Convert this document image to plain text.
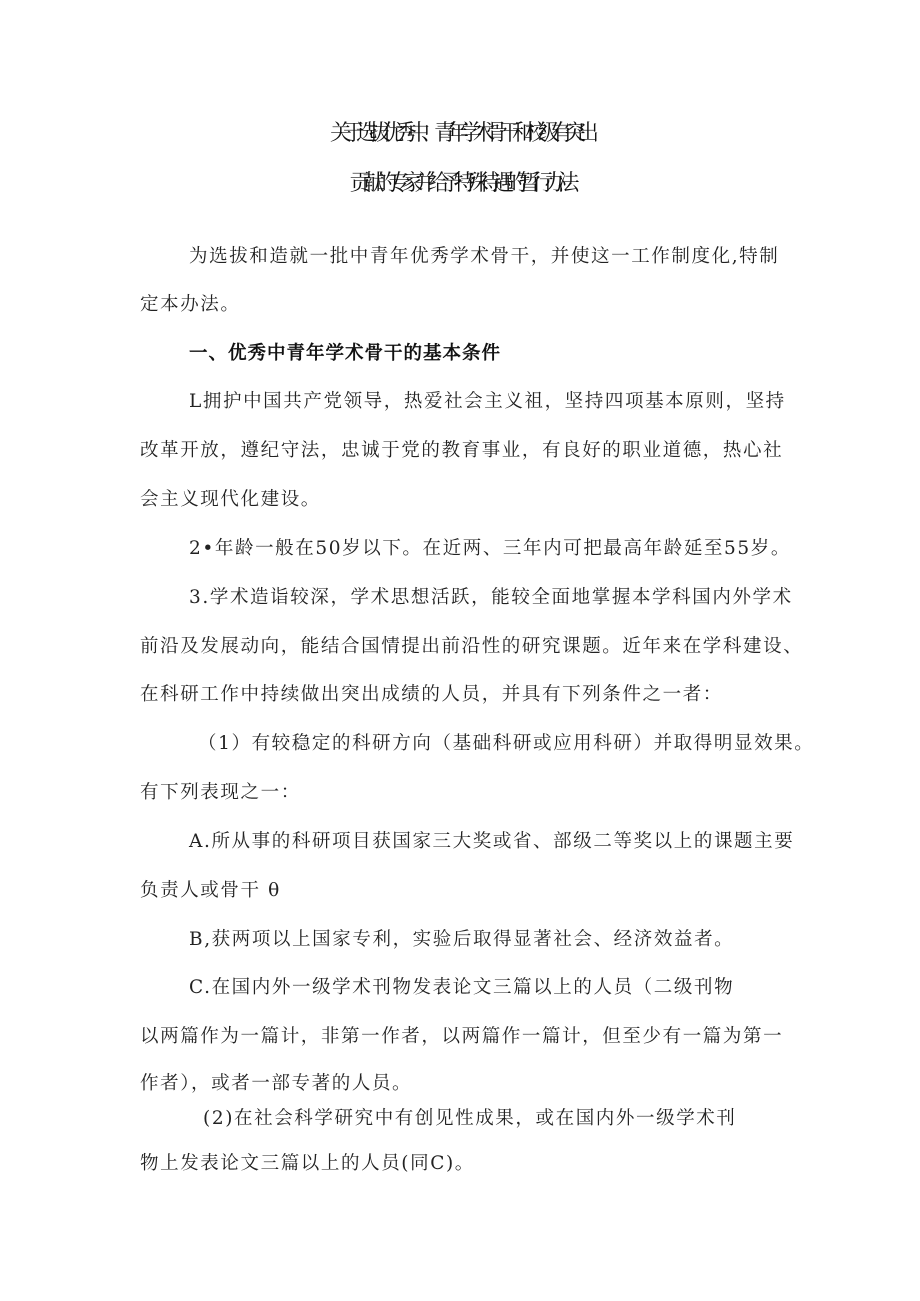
关于选拔优秀中、青年学术骨干和校级有突出
贡献的专家并给予特殊待遇的暂行办法
为选拔和造就一批中青年优秀学术骨干，并使这一工作制度化,特制
定本办法。
一、优秀中青年学术骨干的基本条件
L拥护中国共产党领导，热爱社会主义祖，坚持四项基本原则，坚持
改革开放，遵纪守法，忠诚于党的教育事业，有良好的职业道德，热心社
会主义现代化建设。
2•年龄一般在50岁以下。在近两、三年内可把最高年龄延至55岁。
3.学术造诣较深，学术思想活跃，能较全面地掌握本学科国内外学术
前沿及发展动向，能结合国情提出前沿性的研究课题。近年来在学科建设、
在科研工作中持续做出突出成绩的人员，并具有下列条件之一者：
（1）有较稳定的科研方向（基础科研或应用科研）并取得明显效果。
有下列表现之一：
A.所从事的科研项目获国家三大奖或省、部级二等奖以上的课题主要
负责人或骨干 θ
B,获两项以上国家专利，实验后取得显著社会、经济效益者。
C.在国内外一级学术刊物发表论文三篇以上的人员（二级刊物
以两篇作为一篇计，非第一作者，以两篇作一篇计，但至少有一篇为第一
作者），或者一部专著的人员。
(2)在社会科学研究中有创见性成果，或在国内外一级学术刊
物上发表论文三篇以上的人员(同C)。
